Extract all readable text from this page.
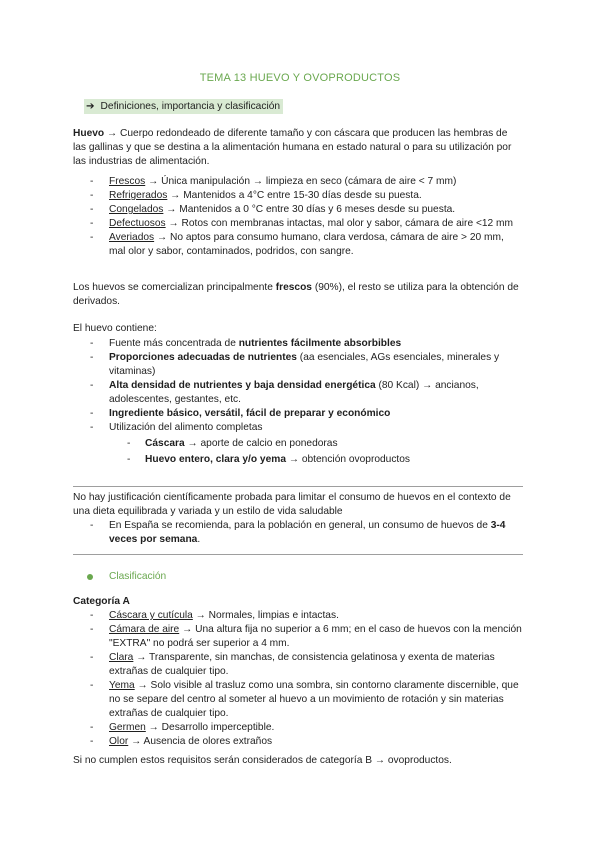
TEMA 13 HUEVO Y OVOPRODUCTOS
➔ Definiciones, importancia y clasificación

Huevo → Cuerpo redondeado de diferente tamaño y con cáscara que producen las hembras de las gallinas y que se destina a la alimentación humana en estado natural o para su utilización por las industrias de alimentación.

- Frescos → Única manipulación → limpieza en seco (cámara de aire < 7 mm)
- Refrigerados → Mantenidos a 4°C entre 15-30 días desde su puesta.
- Congelados → Mantenidos a 0 °C entre 30 días y 6 meses desde su puesta.
- Defectuosos → Rotos con membranas intactas, mal olor y sabor, cámara de aire <12 mm
- Averiados → No aptos para consumo humano, clara verdosa, cámara de aire > 20 mm, mal olor y sabor, contaminados, podridos, con sangre.

Los huevos se comercializan principalmente frescos (90%), el resto se utiliza para la obtención de derivados.

El huevo contiene:

- Fuente más concentrada de nutrientes fácilmente absorbibles
- Proporciones adecuadas de nutrientes (aa esenciales, AGs esenciales, minerales y vitaminas)
- Alta densidad de nutrientes y baja densidad energética (80 Kcal) → ancianos, adolescentes, gestantes, etc.
- Ingrediente básico, versátil, fácil de preparar y económico
- Utilización del alimento completas
- Cáscara → aporte de calcio en ponedoras
- Huevo entero, clara y/o yema → obtención ovoproductos

No hay justificación científicamente probada para limitar el consumo de huevos en el contexto de una dieta equilibrada y variada y un estilo de vida saludable

- En España se recomienda, para la población en general, un consumo de huevos de 3-4 veces por semana.
Clasificación

Categoría A

- Cáscara y cutícula → Normales, limpias e intactas.
- Cámara de aire → Una altura fija no superior a 6 mm; en el caso de huevos con la mención "EXTRA" no podrá ser superior a 4 mm.
- Clara → Transparente, sin manchas, de consistencia gelatinosa y exenta de materias extrañas de cualquier tipo.
- Yema → Solo visible al trasluz como una sombra, sin contorno claramente discernible, que no se separe del centro al someter al huevo a un movimiento de rotación y sin materias extrañas de cualquier tipo.
- Germen → Desarrollo imperceptible.
- Olor → Ausencia de olores extraños
Si no cumplen estos requisitos serán considerados de categoría B → ovoproductos.
